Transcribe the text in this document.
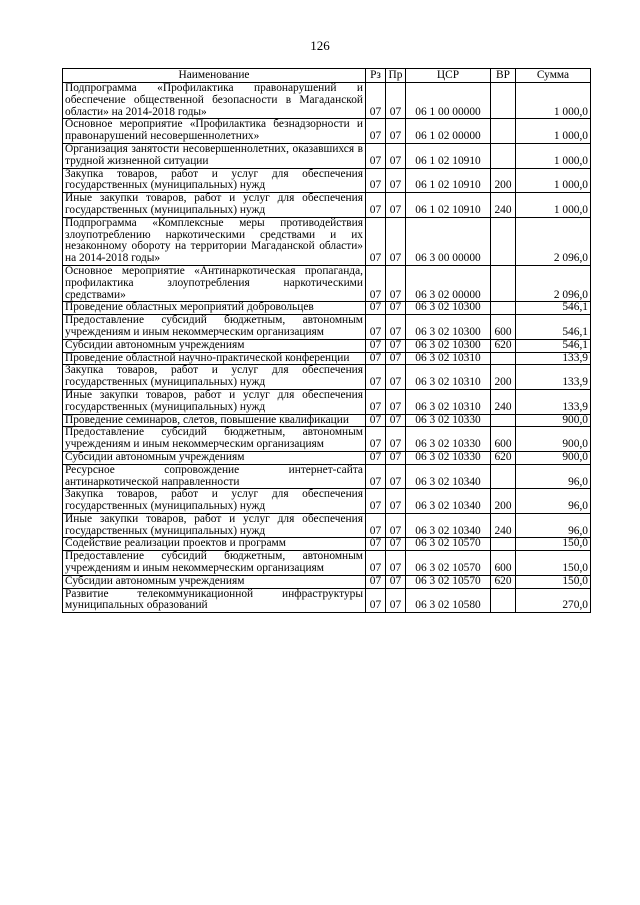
126
Наименование	Рз	Пр	ЦСР	ВР	Сумма
Подпрограмма «Профилактика правонарушений и обеспечение общественной безопасности в Магаданской области» на 2014-2018 годы»	07	07	06 1 00 00000		1 000,0
Основное мероприятие «Профилактика безнадзорности и правонарушений несовершеннолетних»	07	07	06 1 02 00000		1 000,0
Организация занятости несовершеннолетних, оказавшихся в трудной жизненной ситуации	07	07	06 1 02 10910		1 000,0
Закупка товаров, работ и услуг для обеспечения государственных (муниципальных) нужд	07	07	06 1 02 10910	200	1 000,0
Иные закупки товаров, работ и услуг для обеспечения государственных (муниципальных) нужд	07	07	06 1 02 10910	240	1 000,0
Подпрограмма «Комплексные меры противодействия злоупотреблению наркотическими средствами и их незаконному обороту на территории Магаданской области» на 2014-2018 годы»	07	07	06 3 00 00000		2 096,0
Основное мероприятие «Антинаркотическая пропаганда, профилактика злоупотребления наркотическими средствами»	07	07	06 3 02 00000		2 096,0
Проведение областных мероприятий добровольцев	07	07	06 3 02 10300		546,1
Предоставление субсидий бюджетным, автономным учреждениям и иным некоммерческим организациям	07	07	06 3 02 10300	600	546,1
Субсидии автономным учреждениям	07	07	06 3 02 10300	620	546,1
Проведение областной научно-практической конференции	07	07	06 3 02 10310		133,9
Закупка товаров, работ и услуг для обеспечения государственных (муниципальных) нужд	07	07	06 3 02 10310	200	133,9
Иные закупки товаров, работ и услуг для обеспечения государственных (муниципальных) нужд	07	07	06 3 02 10310	240	133,9
Проведение семинаров, слетов, повышение квалификации	07	07	06 3 02 10330		900,0
Предоставление субсидий бюджетным, автономным учреждениям и иным некоммерческим организациям	07	07	06 3 02 10330	600	900,0
Субсидии автономным учреждениям	07	07	06 3 02 10330	620	900,0
Ресурсное сопровождение интернет-сайта антинаркотической направленности	07	07	06 3 02 10340		96,0
Закупка товаров, работ и услуг для обеспечения государственных (муниципальных) нужд	07	07	06 3 02 10340	200	96,0
Иные закупки товаров, работ и услуг для обеспечения государственных (муниципальных) нужд	07	07	06 3 02 10340	240	96,0
Содействие реализации проектов и программ	07	07	06 3 02 10570		150,0
Предоставление субсидий бюджетным, автономным учреждениям и иным некоммерческим организациям	07	07	06 3 02 10570	600	150,0
Субсидии автономным учреждениям	07	07	06 3 02 10570	620	150,0
Развитие телекоммуникационной инфраструктуры муниципальных образований	07	07	06 3 02 10580		270,0
